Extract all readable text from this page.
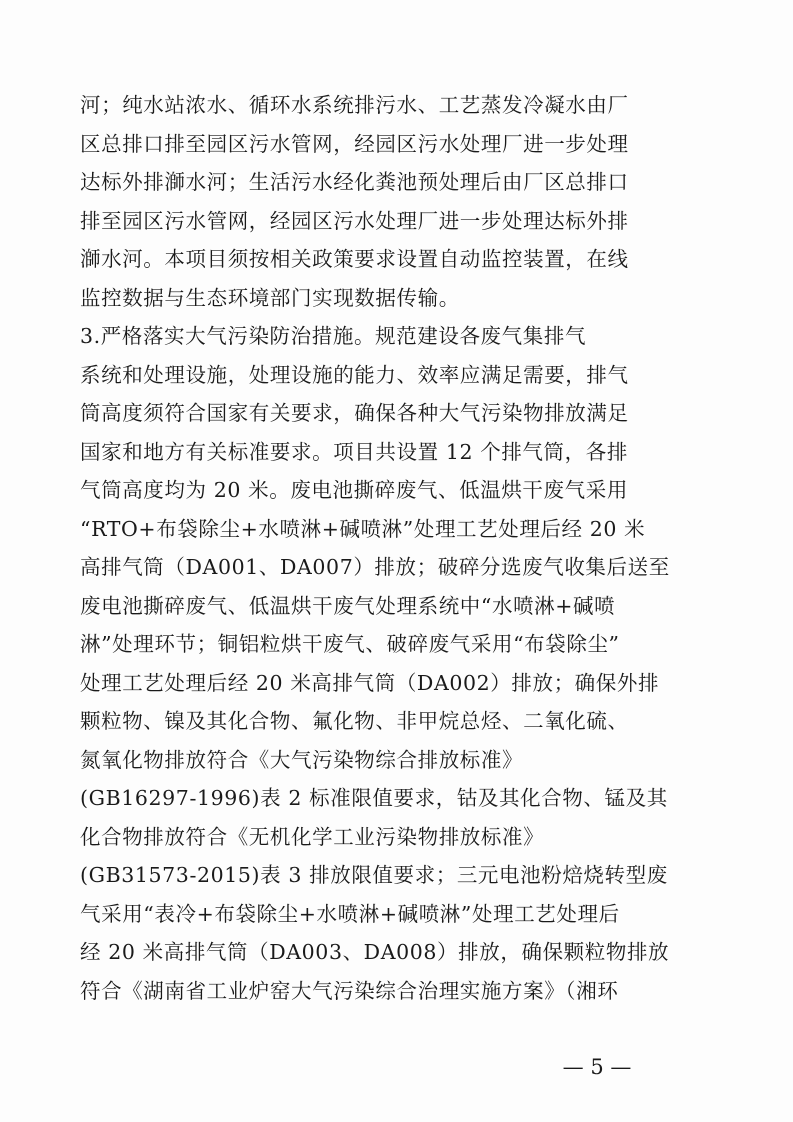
河；纯水站浓水、循环水系统排污水、工艺蒸发冷凝水由厂
区总排口排至园区污水管网，经园区污水处理厂进一步处理
达标外排溮水河；生活污水经化粪池预处理后由厂区总排口
排至园区污水管网，经园区污水处理厂进一步处理达标外排
溮水河。本项目须按相关政策要求设置自动监控装置，在线
监控数据与生态环境部门实现数据传输。
3.严格落实大气污染防治措施。规范建设各废气集排气
系统和处理设施，处理设施的能力、效率应满足需要，排气
筒高度须符合国家有关要求，确保各种大气污染物排放满足
国家和地方有关标准要求。项目共设置 12 个排气筒，各排
气筒高度均为 20 米。废电池撕碎废气、低温烘干废气采用
“RTO+布袋除尘+水喷淋+碱喷淋”处理工艺处理后经 20 米
高排气筒（DA001、DA007）排放；破碎分选废气收集后送至
废电池撕碎废气、低温烘干废气处理系统中“水喷淋+碱喷
淋”处理环节；铜铝粒烘干废气、破碎废气采用“布袋除尘”
处理工艺处理后经 20 米高排气筒（DA002）排放；确保外排
颗粒物、镍及其化合物、氟化物、非甲烷总烃、二氧化硫、
氮氧化物排放符合《大气污染物综合排放标准》
(GB16297-1996)表 2 标准限值要求，钴及其化合物、锰及其
化合物排放符合《无机化学工业污染物排放标准》
(GB31573-2015)表 3 排放限值要求；三元电池粉焙烧转型废
气采用“表冷+布袋除尘+水喷淋+碱喷淋”处理工艺处理后
经 20 米高排气筒（DA003、DA008）排放，确保颗粒物排放
符合《湖南省工业炉窑大气污染综合治理实施方案》（湘环
— 5 —
